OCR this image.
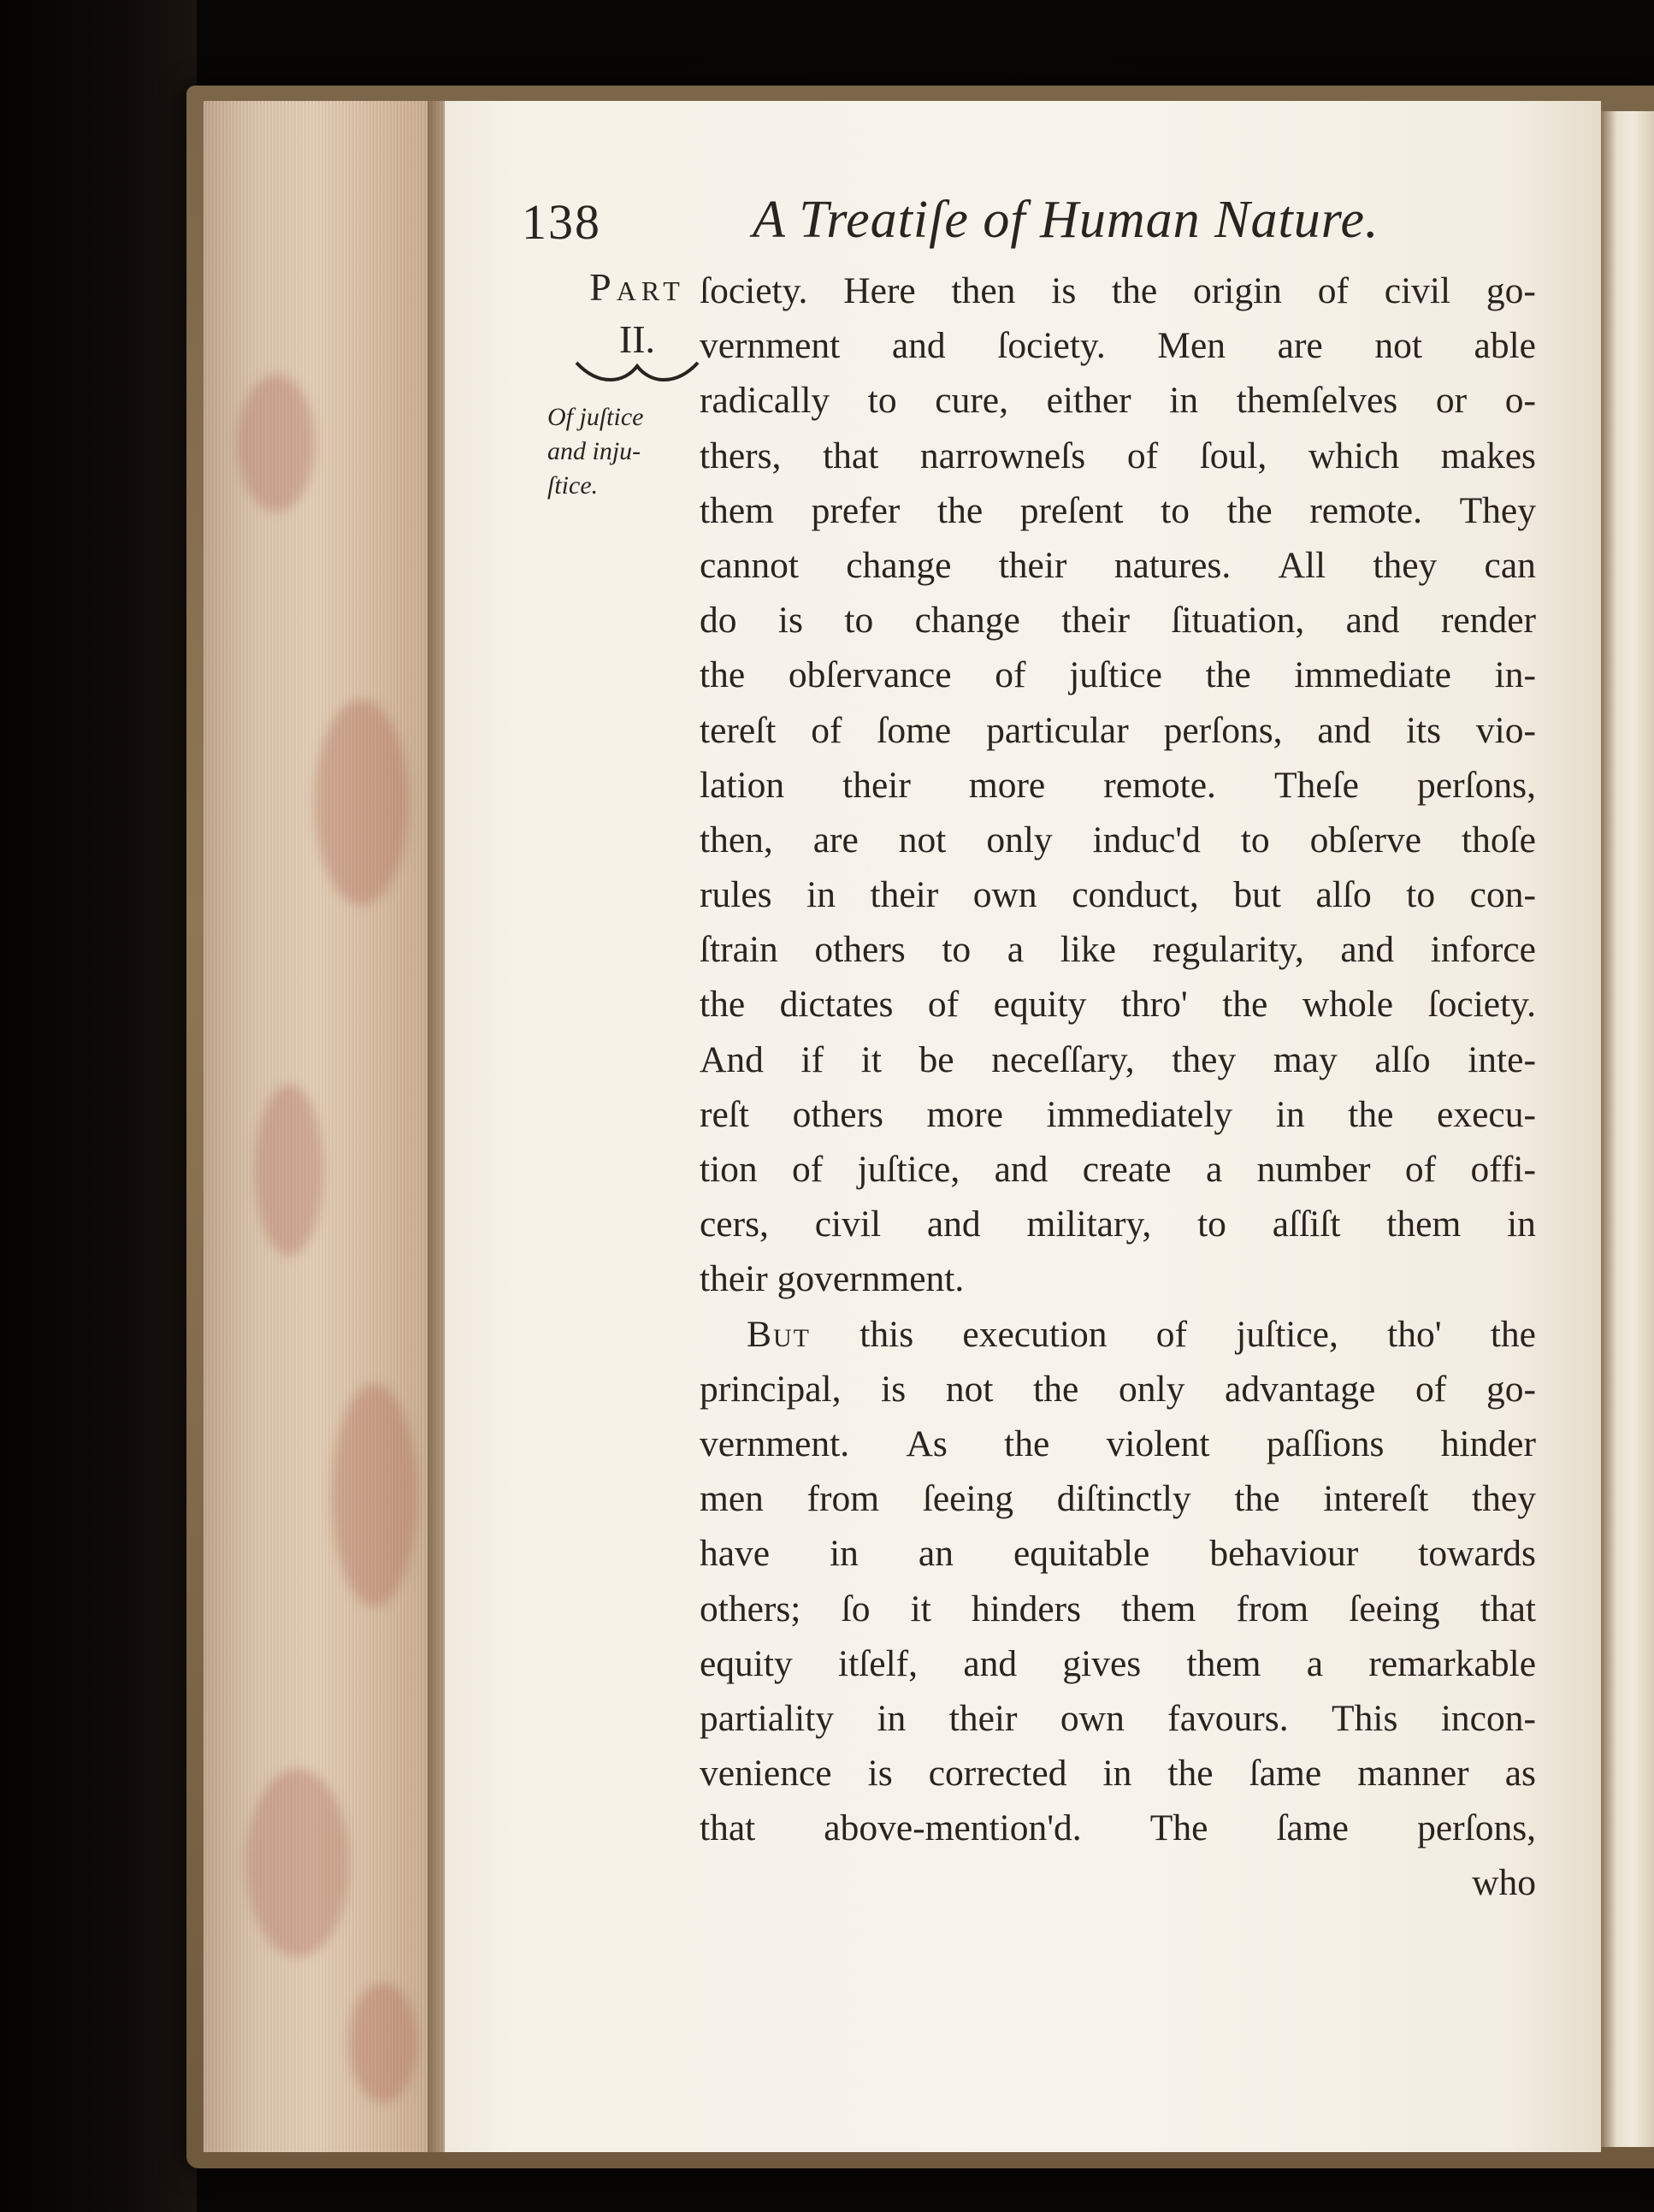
138	A Treatiſe of Human Nature.
Part
II.
Of juſtice
and inju-
ſtice.
ſociety. Here then is the origin of civil go-
vernment and ſociety. Men are not able
radically to cure, either in themſelves or o-
thers, that narrowneſs of ſoul, which makes
them prefer the preſent to the remote. They
cannot change their natures. All they can
do is to change their ſituation, and render
the obſervance of juſtice the immediate in-
tereſt of ſome particular perſons, and its vio-
lation their more remote. Theſe perſons,
then, are not only induc'd to obſerve thoſe
rules in their own conduct, but alſo to con-
ſtrain others to a like regularity, and inforce
the dictates of equity thro' the whole ſociety.
And if it be neceſſary, they may alſo inte-
reſt others more immediately in the execu-
tion of juſtice, and create a number of offi-
cers, civil and military, to aſſiſt them in
their government.
But this execution of juſtice, tho' the
principal, is not the only advantage of go-
vernment. As the violent paſſions hinder
men from ſeeing diſtinctly the intereſt they
have in an equitable behaviour towards
others; ſo it hinders them from ſeeing that
equity itſelf, and gives them a remarkable
partiality in their own favours. This incon-
venience is corrected in the ſame manner as
that above-mention'd. The ſame perſons,
who
